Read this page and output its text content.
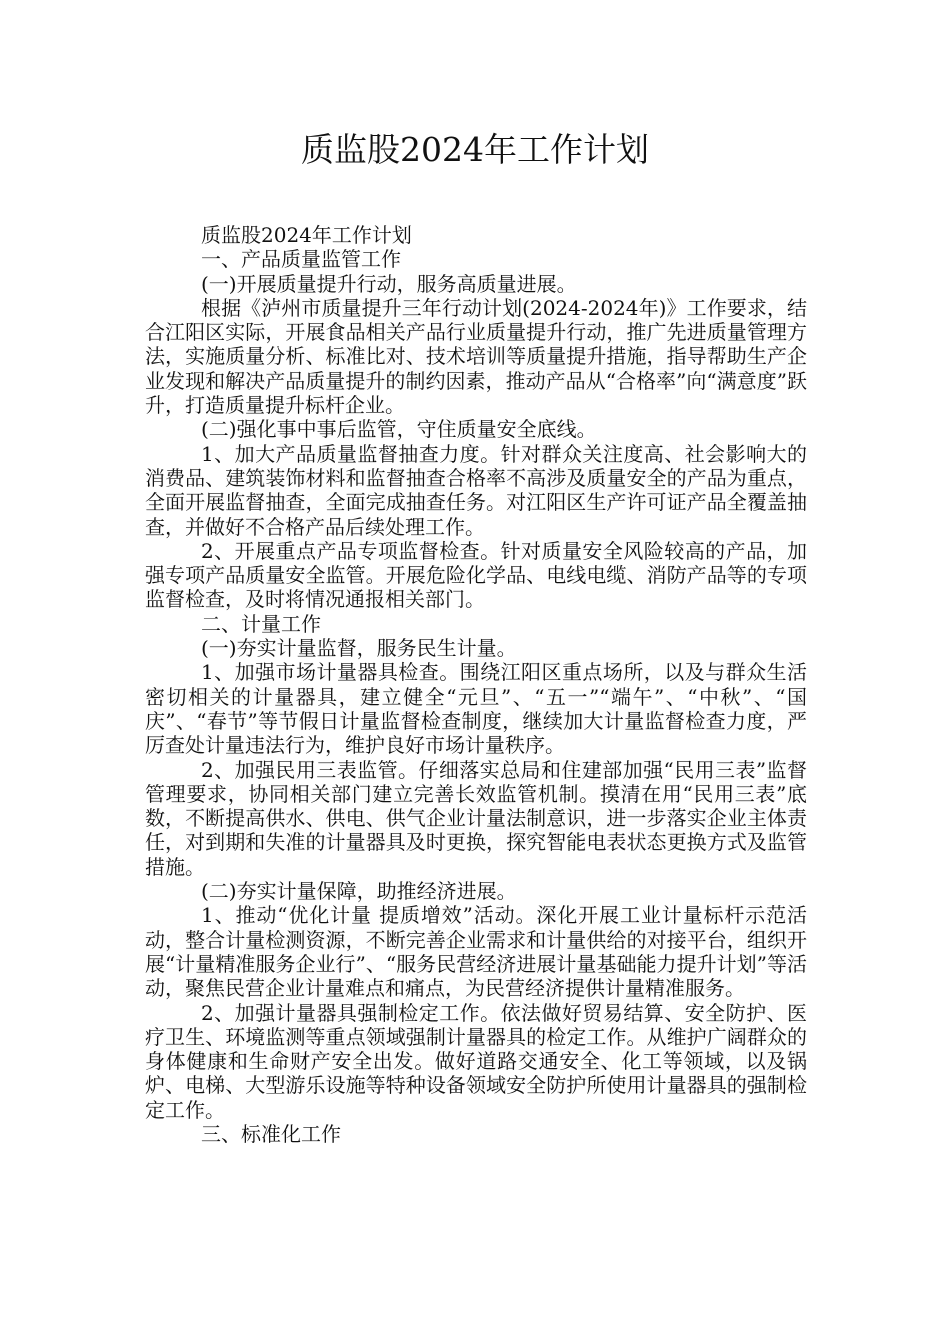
质监股2024年工作计划

质监股2024年工作计划

一、产品质量监管工作

(一)开展质量提升行动，服务高质量进展。

根据《泸州市质量提升三年行动计划(2024-2024年)》工作要求，结合江阳区实际，开展食品相关产品行业质量提升行动，推广先进质量管理方法，实施质量分析、标准比对、技术培训等质量提升措施，指导帮助生产企业发现和解决产品质量提升的制约因素，推动产品从“合格率”向“满意度”跃升，打造质量提升标杆企业。

(二)强化事中事后监管，守住质量安全底线。

1、加大产品质量监督抽查力度。针对群众关注度高、社会影响大的消费品、建筑装饰材料和监督抽查合格率不高涉及质量安全的产品为重点，全面开展监督抽查，全面完成抽查任务。对江阳区生产许可证产品全覆盖抽查，并做好不合格产品后续处理工作。

2、开展重点产品专项监督检查。针对质量安全风险较高的产品，加强专项产品质量安全监管。开展危险化学品、电线电缆、消防产品等的专项监督检查，及时将情况通报相关部门。

二、计量工作

(一)夯实计量监督，服务民生计量。

1、加强市场计量器具检查。围绕江阳区重点场所，以及与群众生活密切相关的计量器具，建立健全“元旦”、“五一”“端午”、“中秋”、“国庆”、“春节”等节假日计量监督检查制度，继续加大计量监督检查力度，严厉查处计量违法行为，维护良好市场计量秩序。

2、加强民用三表监管。仔细落实总局和住建部加强“民用三表”监督管理要求，协同相关部门建立完善长效监管机制。摸清在用“民用三表”底数，不断提高供水、供电、供气企业计量法制意识，进一步落实企业主体责任，对到期和失准的计量器具及时更换，探究智能电表状态更换方式及监管措施。

(二)夯实计量保障，助推经济进展。

1、推动“优化计量 提质增效”活动。深化开展工业计量标杆示范活动，整合计量检测资源，不断完善企业需求和计量供给的对接平台，组织开展“计量精准服务企业行”、“服务民营经济进展计量基础能力提升计划”等活动，聚焦民营企业计量难点和痛点，为民营经济提供计量精准服务。

2、加强计量器具强制检定工作。依法做好贸易结算、安全防护、医疗卫生、环境监测等重点领域强制计量器具的检定工作。从维护广阔群众的身体健康和生命财产安全出发。做好道路交通安全、化工等领域，以及锅炉、电梯、大型游乐设施等特种设备领域安全防护所使用计量器具的强制检定工作。

三、标准化工作
